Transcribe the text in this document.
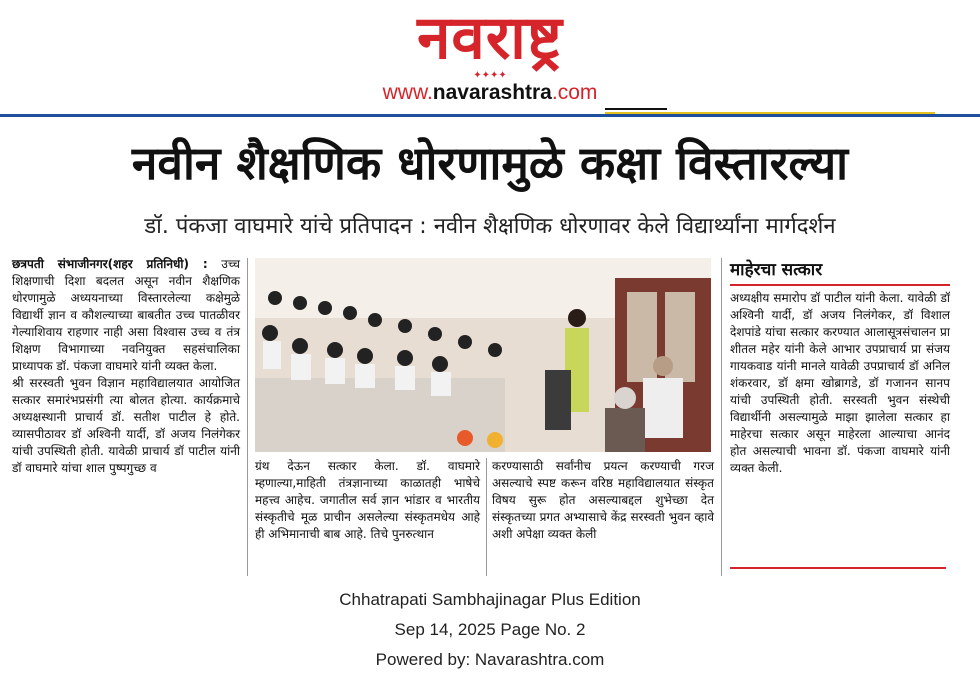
नवराष्ट्र
✦✦✦✦
www.navarashtra.com
नवीन शैक्षणिक धोरणामुळे कक्षा विस्तारल्या
डॉ. पंकजा वाघमारे यांचे प्रतिपादन : नवीन शैक्षणिक धोरणावर केले विद्यार्थ्यांना मार्गदर्शन

छत्रपती संभाजीनगर(शहर प्रतिनिधी) : उच्च शिक्षणाची दिशा बदलत असून नवीन शैक्षणिक धोरणामुळे अध्ययनाच्या विस्तारलेल्या कक्षेमुळे विद्यार्थी ज्ञान व कौशल्याच्या बाबतीत उच्च पातळीवर गेल्याशिवाय राहणार नाही असा विश्वास उच्च व तंत्र शिक्षण विभागाच्या नवनियुक्त सहसंचालिका प्राध्यापक डॉ. पंकजा वाघमारे यांनी व्यक्त केला.

श्री सरस्वती भुवन विज्ञान महाविद्यालयात आयोजित सत्कार समारंभप्रसंगी त्या बोलत होत्या. कार्यक्रमाचे अध्यक्षस्थानी प्राचार्य डॉ. सतीश पाटील हे होते. व्यासपीठावर डॉ अश्विनी यार्दी, डॉ अजय निलंगेकर यांची उपस्थिती होती. यावेळी प्राचार्य डॉ पाटील यांनी डॉ वाघमारे यांचा शाल पुष्पगुच्छ व	ग्रंथ देऊन सत्कार केला. डॉ. वाघमारे म्हणाल्या,माहिती तंत्रज्ञानाच्या काळातही भाषेचे महत्त्व आहेच. जगातील सर्व ज्ञान भांडार व भारतीय संस्कृतीचे मूळ प्राचीन असलेल्या संस्कृतमधेय आहे ही अभिमानाची बाब आहे. तिचे पुनरुत्थान
करण्यासाठी सर्वांनीच प्रयत्न करण्याची गरज असल्याचे स्पष्ट करून वरिष्ठ महाविद्यालयात संस्कृत विषय सुरू होत असल्याबद्दल शुभेच्छा देत संस्कृतच्या प्रगत अभ्यासाचे केंद्र सरस्वती भुवन व्हावे अशी अपेक्षा व्यक्त केली
माहेरचा सत्कार
अध्यक्षीय समारोप डॉ पाटील यांनी केला. यावेळी डॉ अश्विनी यार्दी, डॉ अजय निलंगेकर, डॉ विशाल देशपांडे यांचा सत्कार करण्यात आलासूत्रसंचालन प्रा शीतल महेर यांनी केले आभार उपप्राचार्य प्रा संजय गायकवाड यांनी मानले यावेळी उपप्राचार्य डॉ अनिल शंकरवार, डॉ क्षमा खोब्रागडे, डॉ गजानन सानप यांची उपस्थिती होती. सरस्वती भुवन संस्थेची विद्यार्थीनी असल्यामुळे माझा झालेला सत्कार हा माहेरचा सत्कार असून माहेरला आल्याचा आनंद होत असल्याची भावना डॉ. पंकजा वाघमारे यांनी व्यक्त केली.
Chhatrapati Sambhajinagar Plus Edition
Sep 14, 2025 Page No. 2
Powered by: Navarashtra.com
